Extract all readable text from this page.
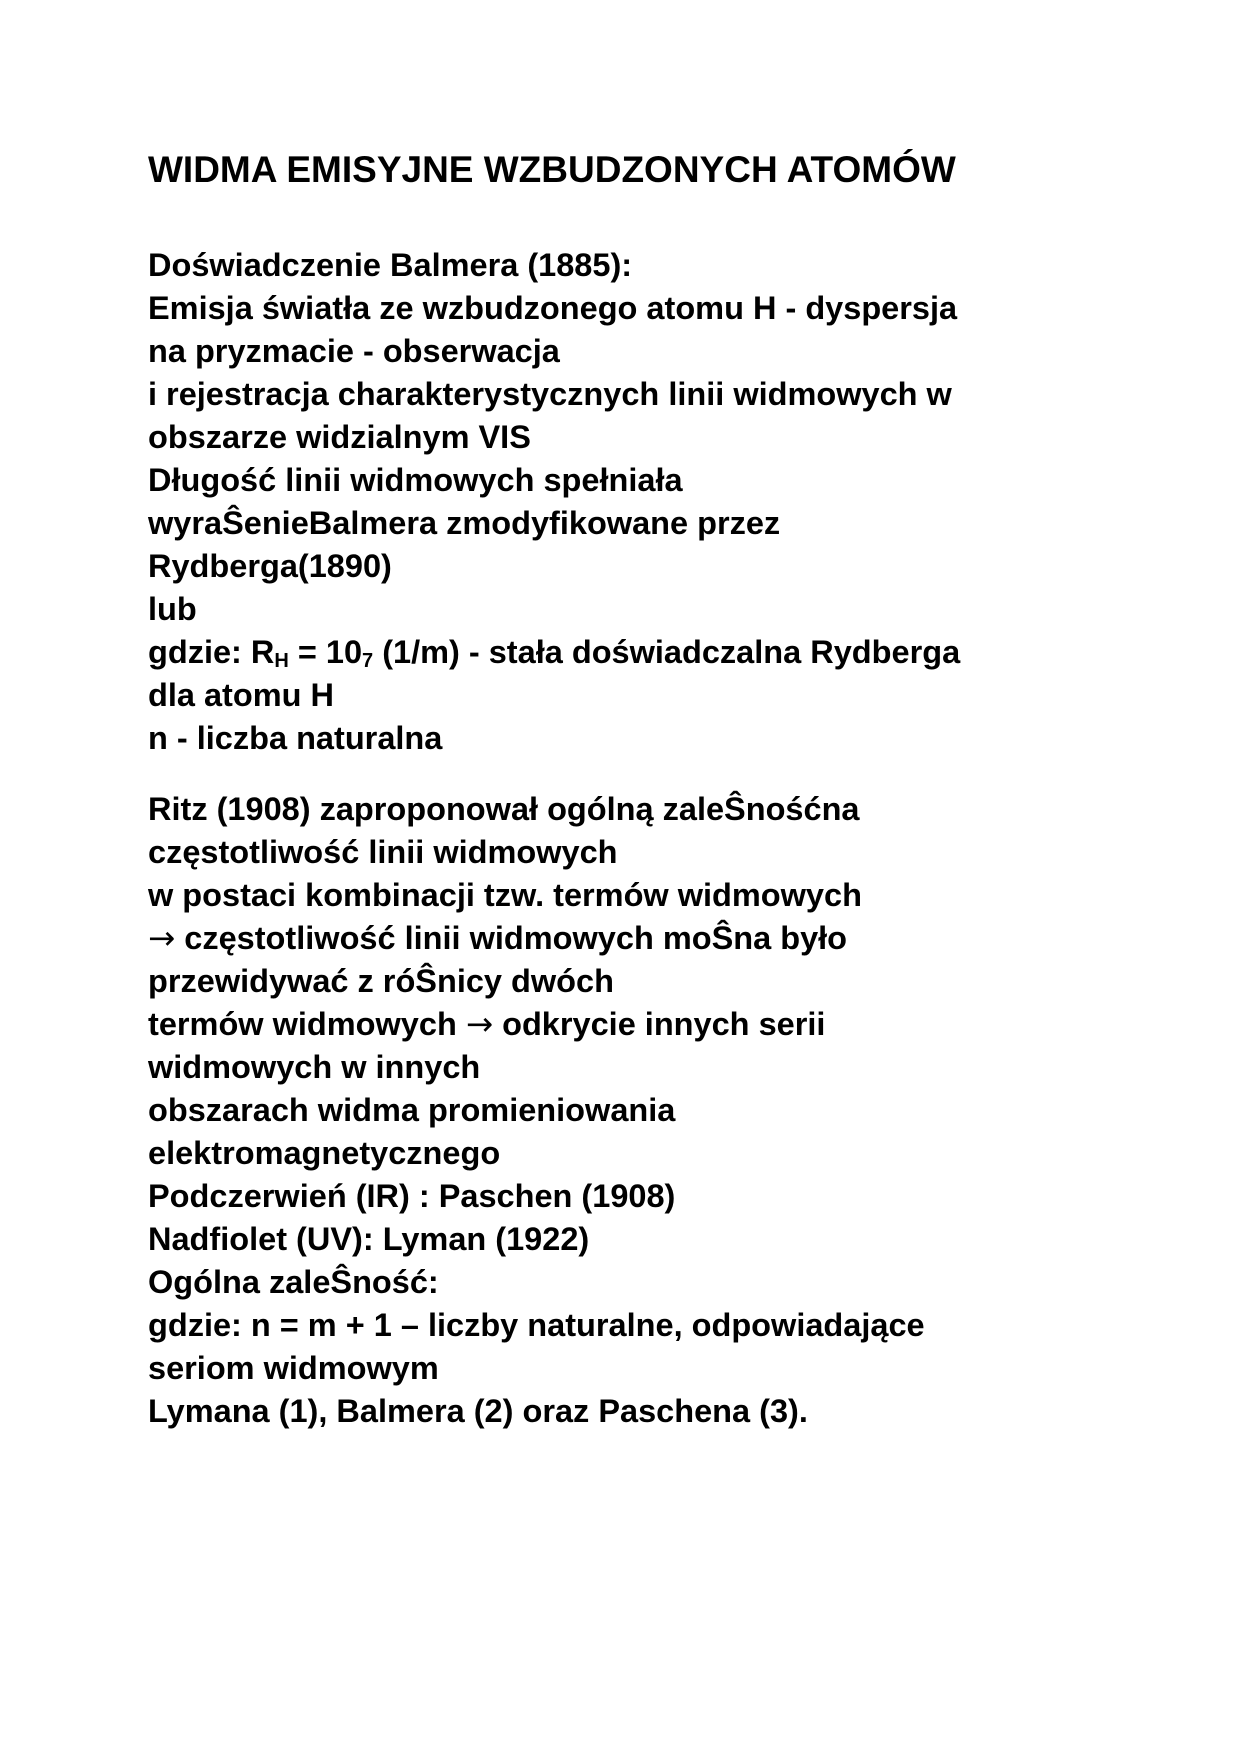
WIDMA EMISYJNE WZBUDZONYCH ATOMÓW
Doświadczenie Balmera (1885):
Emisja światła ze wzbudzonego atomu H - dyspersja
na pryzmacie - obserwacja
i rejestracja charakterystycznych linii widmowych w
obszarze widzialnym VIS
Długość linii widmowych spełniała
wyraŜenieBalmera zmodyfikowane przez
Rydberga(1890)
lub
gdzie: RH = 107 (1/m) - stała doświadczalna Rydberga
dla atomu H
n - liczba naturalna
Ritz (1908) zaproponował ogólną zaleŜnośćna
częstotliwość linii widmowych
w postaci kombinacji tzw. termów widmowych
→ częstotliwość linii widmowych moŜna było
przewidywać z róŜnicy dwóch
termów widmowych → odkrycie innych serii
widmowych w innych
obszarach widma promieniowania
elektromagnetycznego
Podczerwień (IR) : Paschen (1908)
Nadfiolet (UV): Lyman (1922)
Ogólna zaleŜność:
gdzie: n = m + 1 – liczby naturalne, odpowiadające
seriom widmowym
Lymana (1), Balmera (2) oraz Paschena (3).
